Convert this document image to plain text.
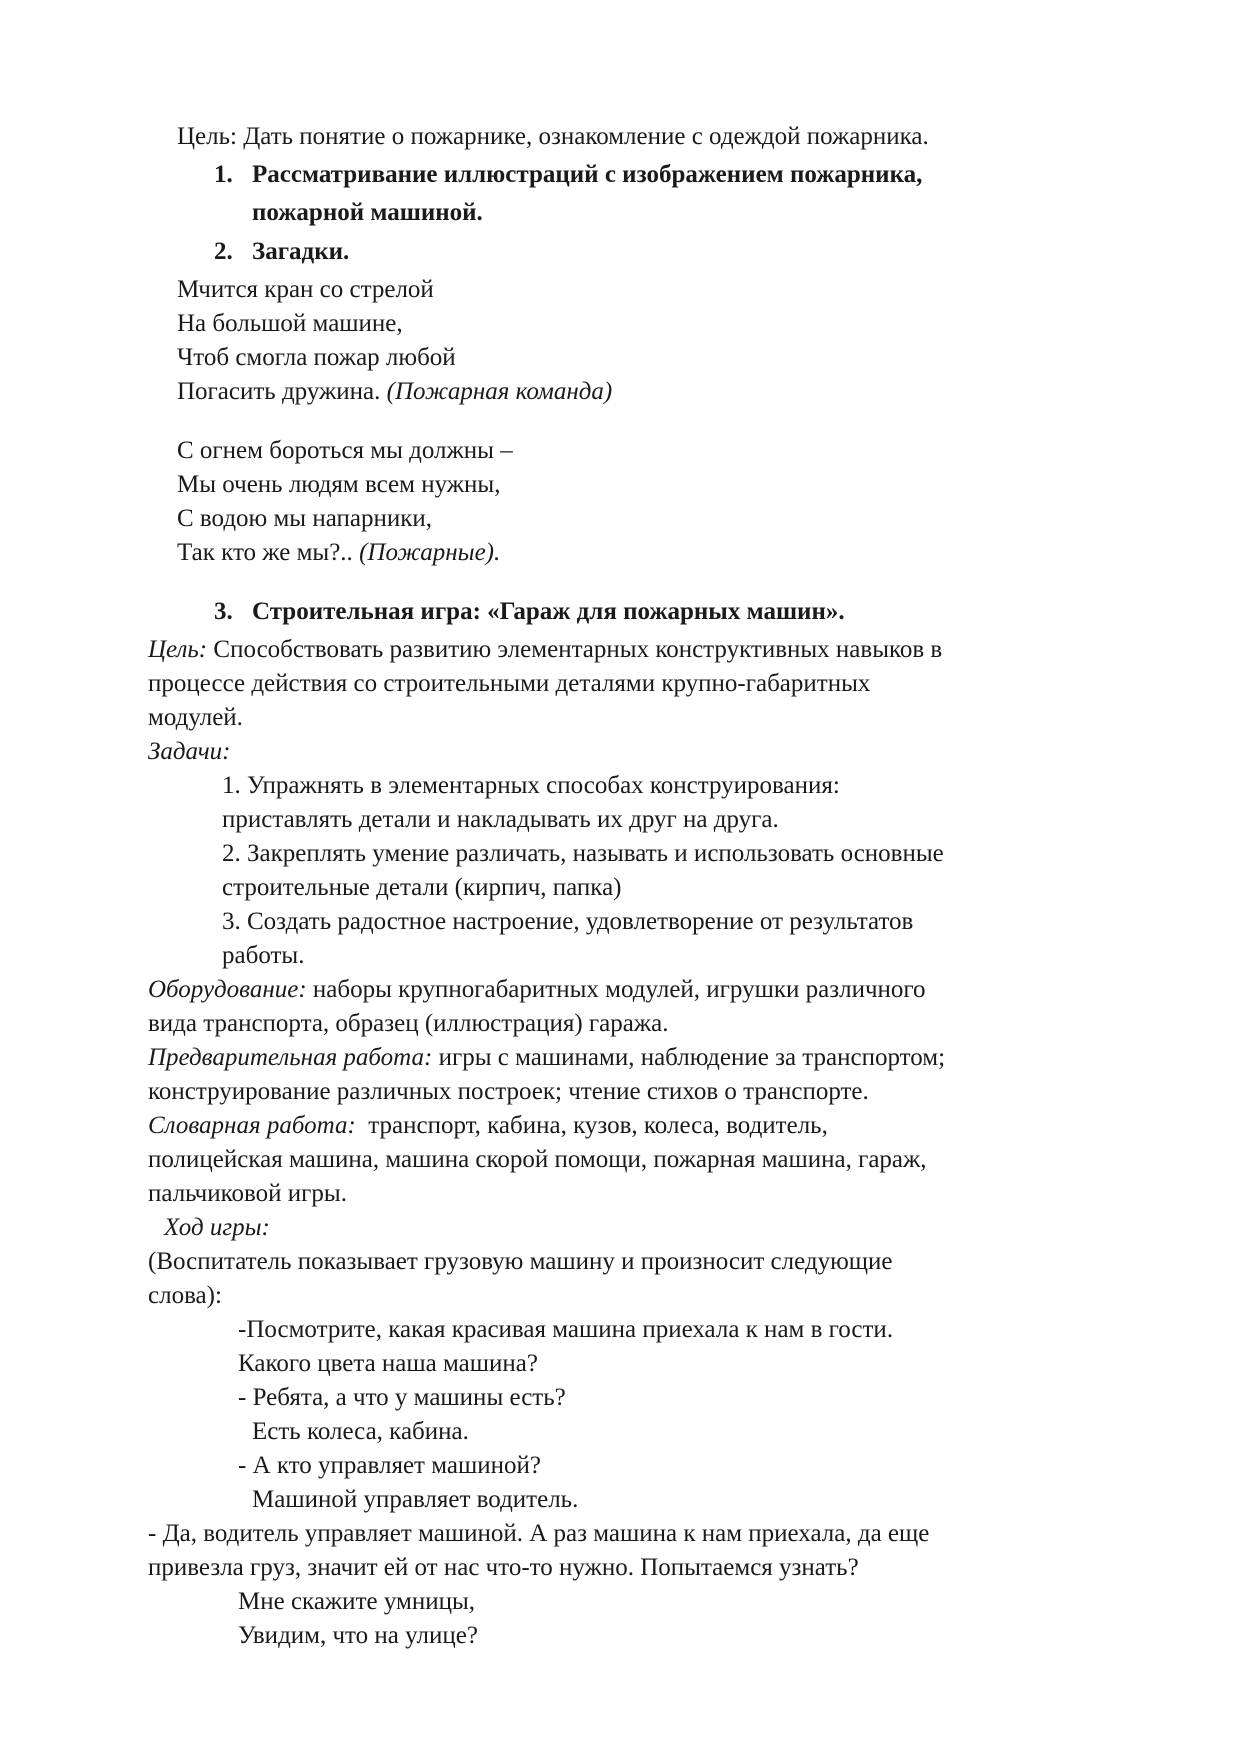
Цель: Дать понятие о пожарнике, ознакомление с одеждой пожарника.
1. Рассматривание иллюстраций с изображением пожарника,
пожарной машиной.
2. Загадки.
Мчится кран со стрелой
На большой машине,
Чтоб смогла пожар любой
Погасить дружина. (Пожарная команда)
С огнем бороться мы должны –
Мы очень людям всем нужны,
С водою мы напарники,
Так кто же мы?.. (Пожарные).
3. Строительная игра: «Гараж для пожарных машин».
Цель: Способствовать развитию элементарных конструктивных навыков в
процессе действия со строительными деталями крупно-габаритных
модулей.
Задачи:
1. Упражнять в элементарных способах конструирования:
приставлять детали и накладывать их друг на друга.
2. Закреплять умение различать, называть и использовать основные
строительные детали (кирпич, папка)
3. Создать радостное настроение, удовлетворение от результатов
работы.
Оборудование: наборы крупногабаритных модулей, игрушки различного
вида транспорта, образец (иллюстрация) гаража.
Предварительная работа: игры с машинами, наблюдение за транспортом;
конструирование различных построек; чтение стихов о транспорте.
Словарная работа: транспорт, кабина, кузов, колеса, водитель,
полицейская машина, машина скорой помощи, пожарная машина, гараж,
пальчиковой игры.
Ход игры:
(Воспитатель показывает грузовую машину и произносит следующие
слова):
-Посмотрите, какая красивая машина приехала к нам в гости.
Какого цвета наша машина?
- Ребята, а что у машины есть?
Есть колеса, кабина.
- А кто управляет машиной?
Машиной управляет водитель.
- Да, водитель управляет машиной. А раз машина к нам приехала, да еще
привезла груз, значит ей от нас что-то нужно. Попытаемся узнать?
Мне скажите умницы,
Увидим, что на улице?
